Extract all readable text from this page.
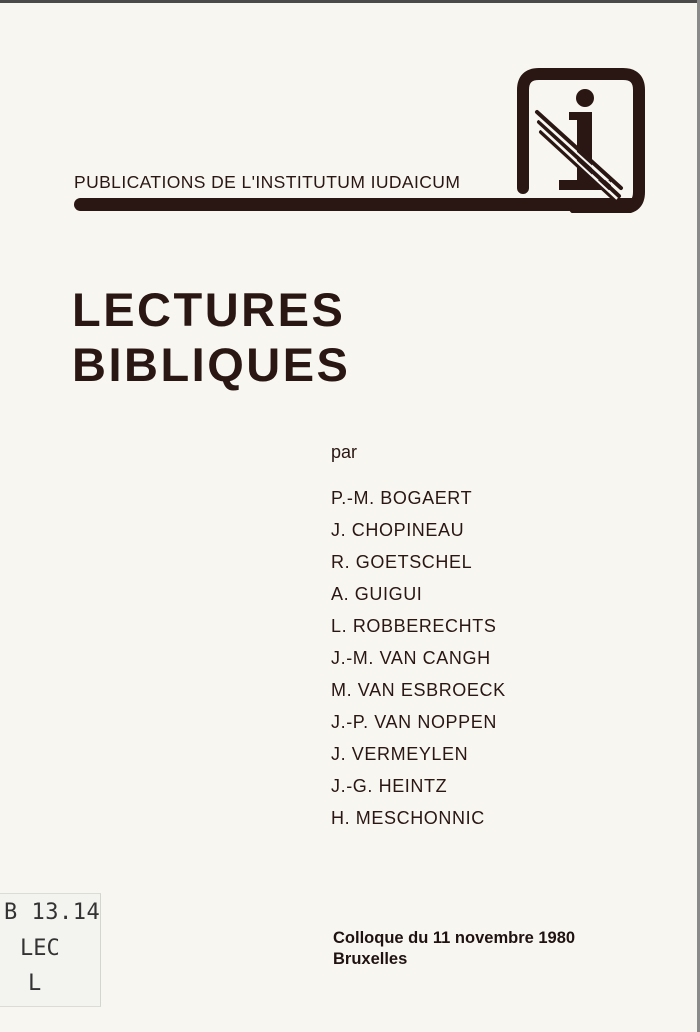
PUBLICATIONS DE L'INSTITUTUM IUDAICUM
LECTURES
BIBLIQUES
par
P.-M. BOGAERT
J. CHOPINEAU
R. GOETSCHEL
A. GUIGUI
L. ROBBERECHTS
J.-M. VAN CANGH
M. VAN ESBROECK
J.-P. VAN NOPPEN
J. VERMEYLEN
J.-G. HEINTZ
H. MESCHONNIC
Colloque du 11 novembre 1980
Bruxelles
B 13.14
LEC
L
